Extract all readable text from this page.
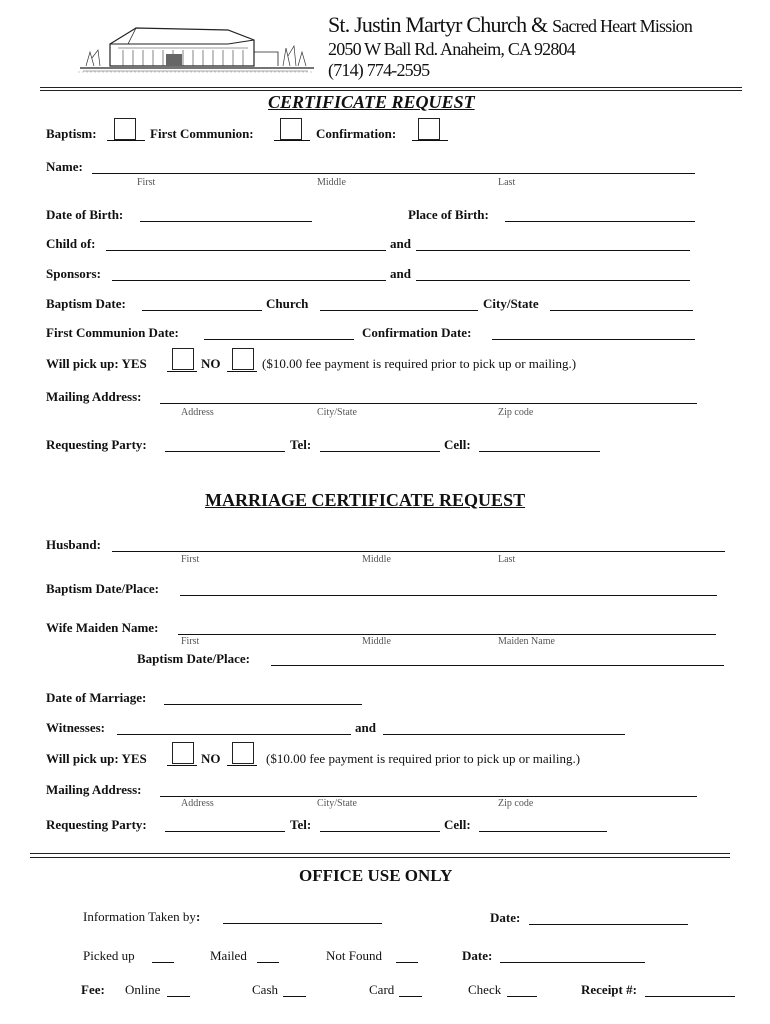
St. Justin Martyr Church & Sacred Heart Mission
2050 W Ball Rd. Anaheim, CA 92804
(714) 774-2595
CERTIFICATE REQUEST
Baptism:	First Communion:	Confirmation:
Name:
First	Middle	Last
Date of Birth:	Place of Birth:
Child of:	and
Sponsors:	and
Baptism Date:	Church	City/State
First Communion Date:	Confirmation Date:
Will pick up: YES	NO	($10.00 fee payment is required prior to pick up or mailing.)
Mailing Address:
Address	City/State	Zip code
Requesting Party:	Tel:	Cell:
MARRIAGE CERTIFICATE REQUEST
Husband:
First	Middle	Last
Baptism Date/Place:
Wife Maiden Name:
First	Middle	Maiden Name
Baptism Date/Place:
Date of Marriage:
Witnesses:	and
Will pick up: YES	NO	($10.00 fee payment is required prior to pick up or mailing.)
Mailing Address:
Address	City/State	Zip code
Requesting Party:	Tel:	Cell:
OFFICE USE ONLY
Information Taken by:	Date:
Picked up	Mailed	Not Found	Date:
Fee: Online	Cash	Card	Check	Receipt #:
